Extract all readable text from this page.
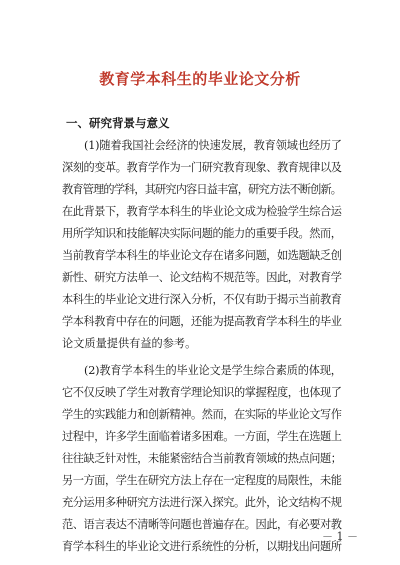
教育学本科生的毕业论文分析
一、研究背景与意义
(1)随着我国社会经济的快速发展，教育领域也经历了
深刻的变革。教育学作为一门研究教育现象、教育规律以及
教育管理的学科，其研究内容日益丰富，研究方法不断创新。
在此背景下，教育学本科生的毕业论文成为检验学生综合运
用所学知识和技能解决实际问题的能力的重要手段。然而，
当前教育学本科生的毕业论文存在诸多问题，如选题缺乏创
新性、研究方法单一、论文结构不规范等。因此，对教育学
本科生的毕业论文进行深入分析，不仅有助于揭示当前教育
学本科教育中存在的问题，还能为提高教育学本科生的毕业
论文质量提供有益的参考。
(2)教育学本科生的毕业论文是学生综合素质的体现，
它不仅反映了学生对教育学理论知识的掌握程度，也体现了
学生的实践能力和创新精神。然而，在实际的毕业论文写作
过程中，许多学生面临着诸多困难。一方面，学生在选题上
往往缺乏针对性，未能紧密结合当前教育领域的热点问题；
另一方面，学生在研究方法上存在一定程度的局限性，未能
充分运用多种研究方法进行深入探究。此外，论文结构不规
范、语言表达不清晰等问题也普遍存在。因此，有必要对教
育学本科生的毕业论文进行系统性的分析，以期找出问题所
－ 1 －
